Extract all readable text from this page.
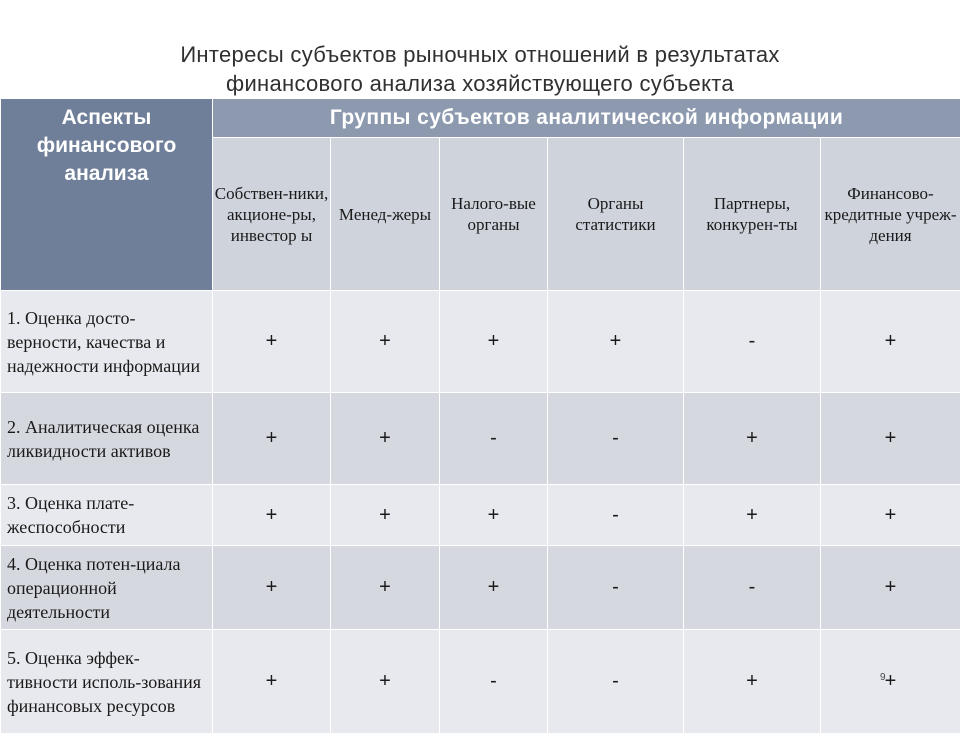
Интересы субъектов рыночных отношений в результатах
финансового анализа хозяйствующего субъекта
Аспекты финансового анализа	Группы субъектов аналитической информации					
	Собствен-ники, акционе-ры, инвестор ы	Менед-жеры	Налого-вые органы	Органы статистики	Партнеры, конкурен-ты	Финансово-кредитные учреж-дения
1. Оценка досто-верности, качества и надежности информации	+	+	+	+	-	+
2. Аналитическая оценка ликвидности активов	+	+	-	-	+	+
3. Оценка плате-жеспособности	+	+	+	-	+	+
4. Оценка потен-циала операционной деятельности	+	+	+	-	-	+
5. Оценка эффек-тивности исполь-зования финансовых ресурсов	+	+	-	-	+	+
9
